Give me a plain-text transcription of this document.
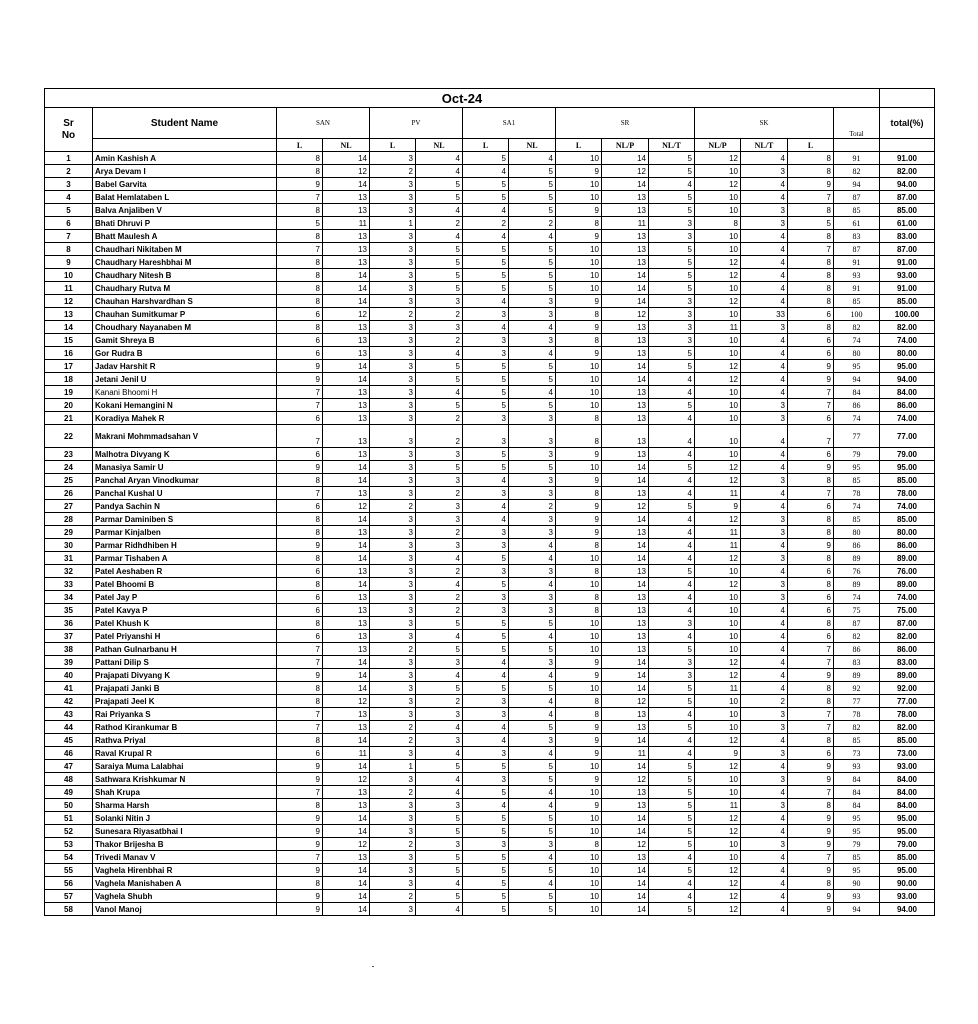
Oct-24															
Sr
No	Student Name	SAN		PV		SA1		SR			SK			Total	total(%)
		L	NL	L	NL	L	NL	L	NL/P	NL/T	NL/P	NL/T	L		
1	Amin Kashish A	8	14	3	4	5	4	10	14	5	12	4	8	91	91.00
2	Arya Devam I	8	12	2	4	4	5	9	12	5	10	3	8	82	82.00
3	Babel Garvita	9	14	3	5	5	5	10	14	4	12	4	9	94	94.00
4	Balat Hemlataben L	7	13	3	5	5	5	10	13	5	10	4	7	87	87.00
5	Balva Anjaliben V	8	13	3	4	4	5	9	13	5	10	3	8	85	85.00
6	Bhati Dhruvi P	5	11	1	2	2	2	8	11	3	8	3	5	61	61.00
7	Bhatt Maulesh A	8	13	3	4	4	4	9	13	3	10	4	8	83	83.00
8	Chaudhari Nikitaben M	7	13	3	5	5	5	10	13	5	10	4	7	87	87.00
9	Chaudhary Hareshbhai M	8	13	3	5	5	5	10	13	5	12	4	8	91	91.00
10	Chaudhary Nitesh B	8	14	3	5	5	5	10	14	5	12	4	8	93	93.00
11	Chaudhary Rutva M	8	14	3	5	5	5	10	14	5	10	4	8	91	91.00
12	Chauhan Harshvardhan S	8	14	3	3	4	3	9	14	3	12	4	8	85	85.00
13	Chauhan Sumitkumar P	6	12	2	2	3	3	8	12	3	10	33	6	100	100.00
14	Choudhary Nayanaben M	8	13	3	3	4	4	9	13	3	11	3	8	82	82.00
15	Gamit Shreya B	6	13	3	2	3	3	8	13	3	10	4	6	74	74.00
16	Gor Rudra B	6	13	3	4	3	4	9	13	5	10	4	6	80	80.00
17	Jadav Harshit R	9	14	3	5	5	5	10	14	5	12	4	9	95	95.00
18	Jetani Jenil U	9	14	3	5	5	5	10	14	4	12	4	9	94	94.00
19	Kanani Bhoomi H	7	13	3	4	5	4	10	13	4	10	4	7	84	84.00
20	Kokani Hemangini N	7	13	3	5	5	5	10	13	5	10	3	7	86	86.00
21	Koradiya Mahek R	6	13	3	2	3	3	8	13	4	10	3	6	74	74.00
22	Makrani Mohmmadsahan V	7	13	3	2	3	3	8	13	4	10	4	7	77	77.00
23	Malhotra Divyang K	6	13	3	3	5	3	9	13	4	10	4	6	79	79.00
24	Manasiya Samir U	9	14	3	5	5	5	10	14	5	12	4	9	95	95.00
25	Panchal Aryan Vinodkumar	8	14	3	3	4	3	9	14	4	12	3	8	85	85.00
26	Panchal Kushal U	7	13	3	2	3	3	8	13	4	11	4	7	78	78.00
27	Pandya Sachin N	6	12	2	3	4	2	9	12	5	9	4	6	74	74.00
28	Parmar Daminiben S	8	14	3	3	4	3	9	14	4	12	3	8	85	85.00
29	Parmar Kinjalben	8	13	3	2	3	3	9	13	4	11	3	8	80	80.00
30	Parmar Ridhdhiben H	9	14	3	3	3	4	8	14	4	11	4	9	86	86.00
31	Parmar Tishaben A	8	14	3	4	5	4	10	14	4	12	3	8	89	89.00
32	Patel Aeshaben R	6	13	3	2	3	3	8	13	5	10	4	6	76	76.00
33	Patel Bhoomi B	8	14	3	4	5	4	10	14	4	12	3	8	89	89.00
34	Patel Jay P	6	13	3	2	3	3	8	13	4	10	3	6	74	74.00
35	Patel Kavya P	6	13	3	2	3	3	8	13	4	10	4	6	75	75.00
36	Patel Khush K	8	13	3	5	5	5	10	13	3	10	4	8	87	87.00
37	Patel Priyanshi H	6	13	3	4	5	4	10	13	4	10	4	6	82	82.00
38	Pathan Gulnarbanu H	7	13	2	5	5	5	10	13	5	10	4	7	86	86.00
39	Pattani Dilip S	7	14	3	3	4	3	9	14	3	12	4	7	83	83.00
40	Prajapati Divyang K	9	14	3	4	4	4	9	14	3	12	4	9	89	89.00
41	Prajapati Janki B	8	14	3	5	5	5	10	14	5	11	4	8	92	92.00
42	Prajapati Jeel K	8	12	3	2	3	4	8	12	5	10	2	8	77	77.00
43	Rai Priyanka S	7	13	3	3	3	4	8	13	4	10	3	7	78	78.00
44	Rathod Kirankumar B	7	13	2	4	4	5	9	13	5	10	3	7	82	82.00
45	Rathva Priyal	8	14	2	3	4	3	9	14	4	12	4	8	85	85.00
46	Raval Krupal R	6	11	3	4	3	4	9	11	4	9	3	6	73	73.00
47	Saraiya Muma Lalabhai	9	14	1	5	5	5	10	14	5	12	4	9	93	93.00
48	Sathwara Krishkumar N	9	12	3	4	3	5	9	12	5	10	3	9	84	84.00
49	Shah Krupa	7	13	2	4	5	4	10	13	5	10	4	7	84	84.00
50	Sharma Harsh	8	13	3	3	4	4	9	13	5	11	3	8	84	84.00
51	Solanki Nitin J	9	14	3	5	5	5	10	14	5	12	4	9	95	95.00
52	Sunesara Riyasatbhai I	9	14	3	5	5	5	10	14	5	12	4	9	95	95.00
53	Thakor Brijesha B	9	12	2	3	3	3	8	12	5	10	3	9	79	79.00
54	Trivedi Manav V	7	13	3	5	5	4	10	13	4	10	4	7	85	85.00
55	Vaghela Hirenbhai R	9	14	3	5	5	5	10	14	5	12	4	9	95	95.00
56	Vaghela Manishaben A	8	14	3	4	5	4	10	14	4	12	4	8	90	90.00
57	Vaghela Shubh	9	14	2	5	5	5	10	14	4	12	4	9	93	93.00
58	Vanol Manoj	9	14	3	4	5	5	10	14	5	12	4	9	94	94.00
